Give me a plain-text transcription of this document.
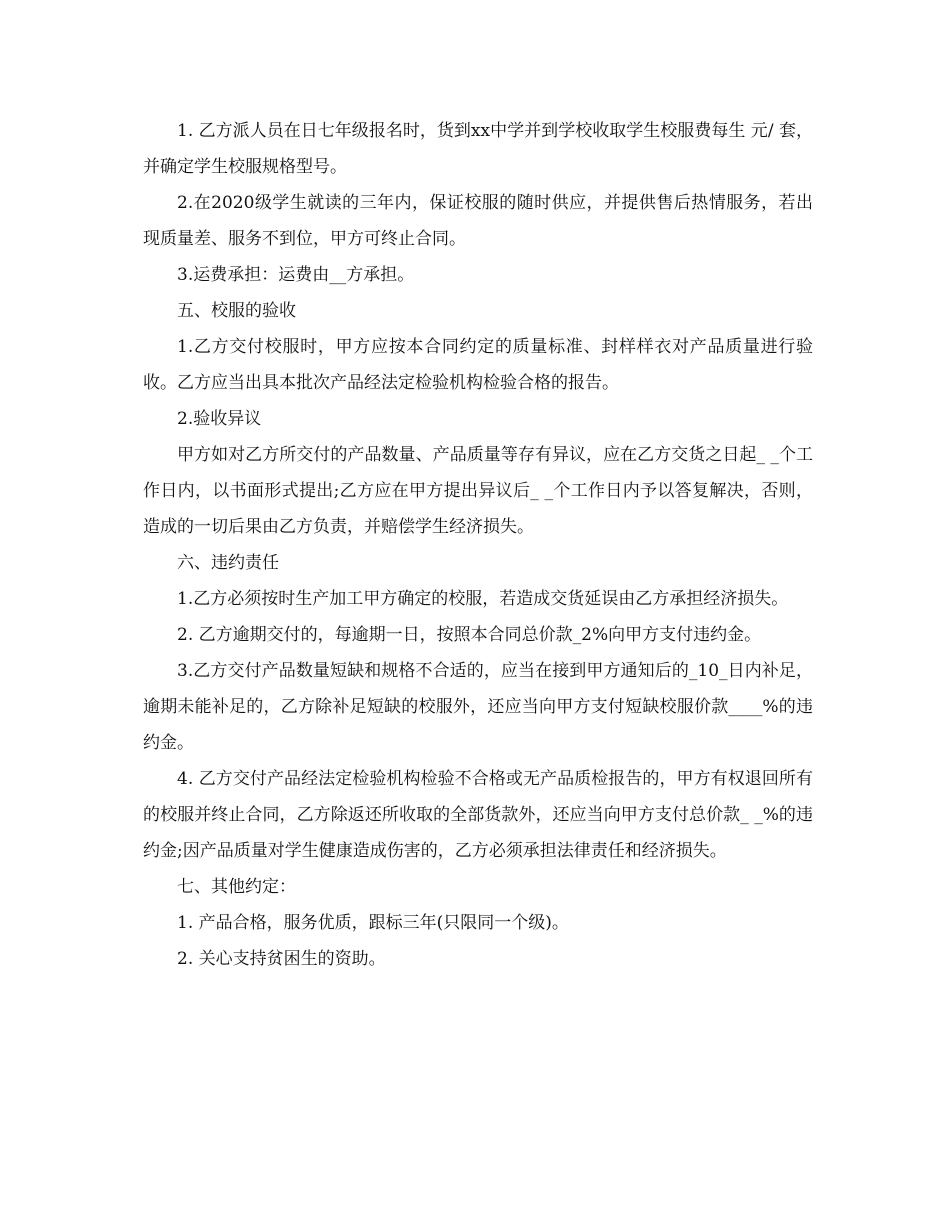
1. 乙方派人员在日七年级报名时，货到xx中学并到学校收取学生校服费每生 元/ 套，并确定学生校服规格型号。

2.在2020级学生就读的三年内，保证校服的随时供应，并提供售后热情服务，若出现质量差、服务不到位，甲方可终止合同。

3.运费承担：运费由__方承担。

五、校服的验收

1.乙方交付校服时，甲方应按本合同约定的质量标准、封样样衣对产品质量进行验收。乙方应当出具本批次产品经法定检验机构检验合格的报告。

2.验收异议

甲方如对乙方所交付的产品数量、产品质量等存有异议，应在乙方交货之日起_ _个工作日内，以书面形式提出;乙方应在甲方提出异议后_ _个工作日内予以答复解决，否则，造成的一切后果由乙方负责，并赔偿学生经济损失。

六、违约责任

1.乙方必须按时生产加工甲方确定的校服，若造成交货延误由乙方承担经济损失。

2. 乙方逾期交付的，每逾期一日，按照本合同总价款_2%向甲方支付违约金。

3.乙方交付产品数量短缺和规格不合适的，应当在接到甲方通知后的_10_日内补足，逾期未能补足的，乙方除补足短缺的校服外，还应当向甲方支付短缺校服价款____%的违约金。

4. 乙方交付产品经法定检验机构检验不合格或无产品质检报告的，甲方有权退回所有的校服并终止合同，乙方除返还所收取的全部货款外，还应当向甲方支付总价款_ _%的违约金;因产品质量对学生健康造成伤害的，乙方必须承担法律责任和经济损失。

七、其他约定：

1. 产品合格，服务优质，跟标三年(只限同一个级)。

2. 关心支持贫困生的资助。
